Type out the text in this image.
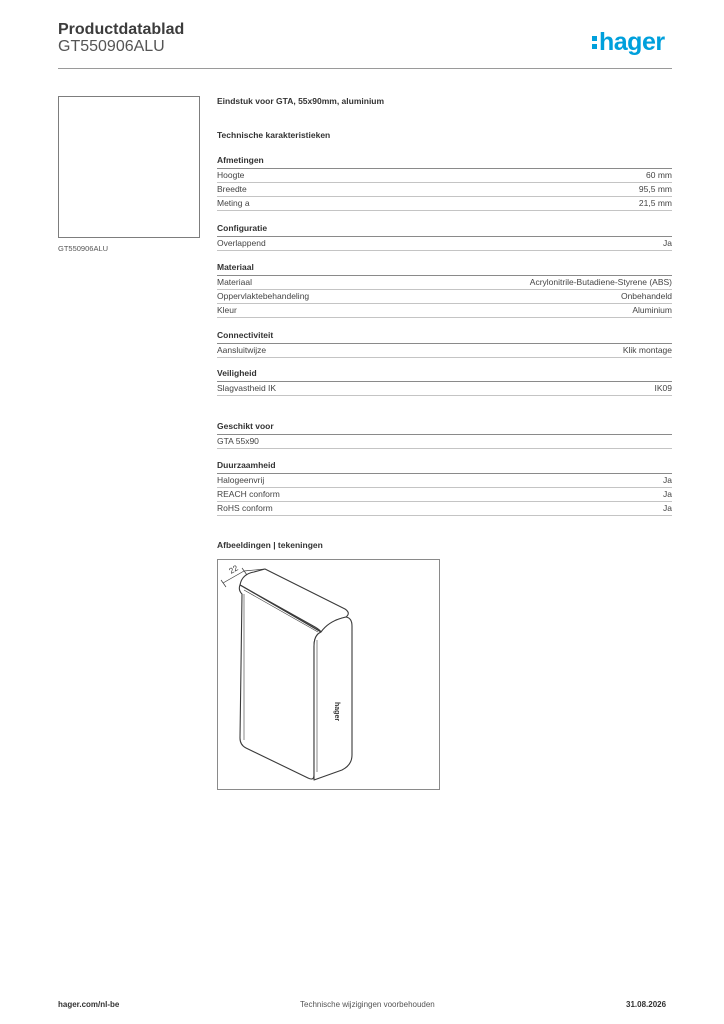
Productdatablad
GT550906ALU	hager
GT550906ALU
Eindstuk voor GTA, 55x90mm, aluminium
Technische karakteristieken
Afmetingen
Hoogte	60 mm
Breedte	95,5 mm
Meting a	21,5 mm
Configuratie
Overlappend	Ja
Materiaal
Materiaal	Acrylonitrile-Butadiene-Styrene (ABS)
Oppervlaktebehandeling	Onbehandeld
Kleur	Aluminium
Connectiviteit
Aansluitwijze	Klik montage
Veiligheid
Slagvastheid IK	IK09
Geschikt voor
GTA 55x90
Duurzaamheid
Halogeenvrij	Ja
REACH conform	Ja
RoHS conform	Ja
Afbeeldingen | tekeningen
22
hager
hager.com/nl-be	Technische wijzigingen voorbehouden	31.08.2026
